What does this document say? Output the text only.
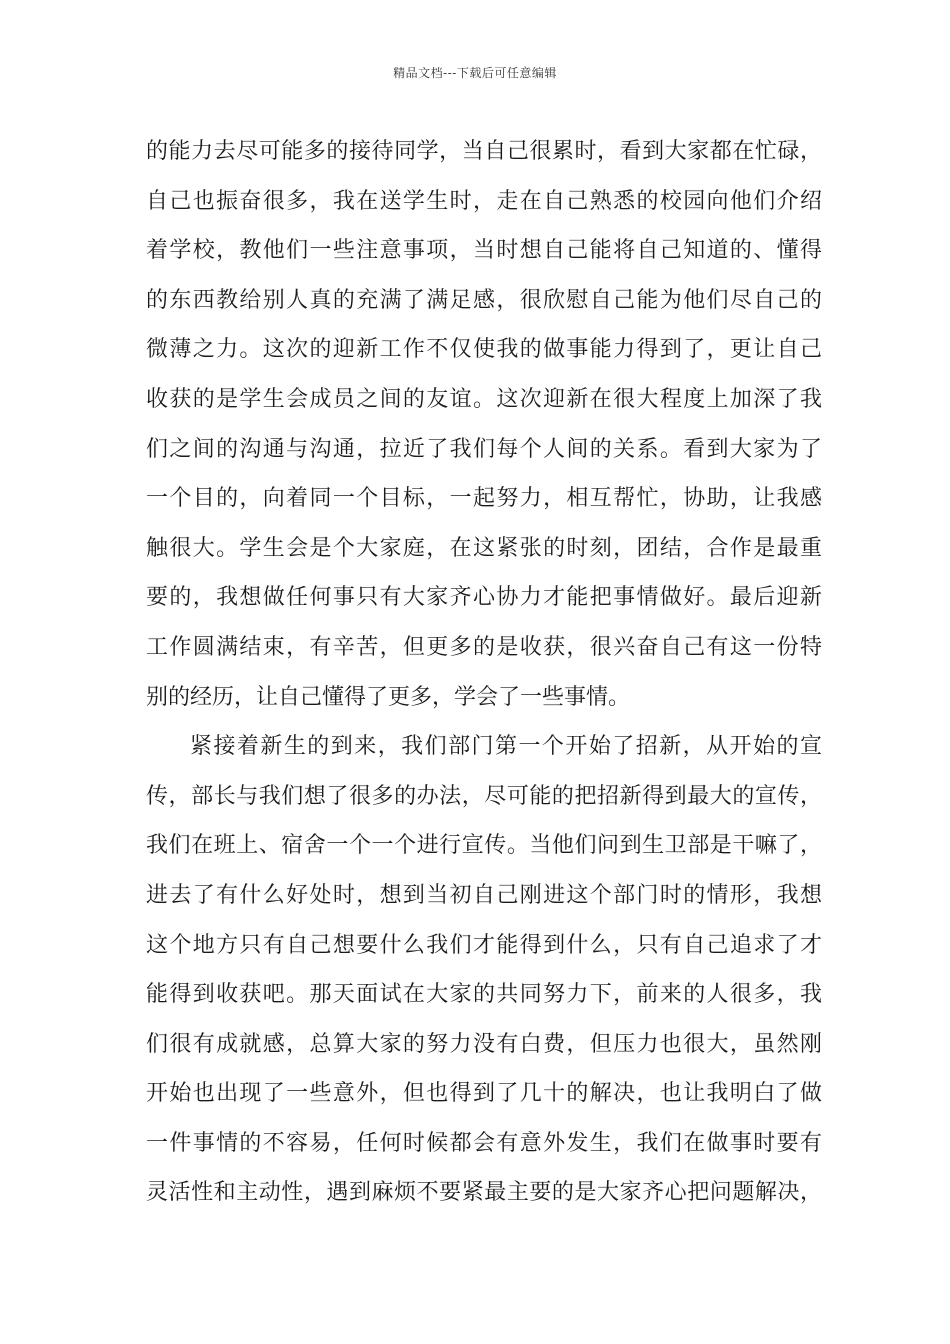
精品文档---下载后可任意编辑
的能力去尽可能多的接待同学，当自己很累时，看到大家都在忙碌，
自己也振奋很多，我在送学生时，走在自己熟悉的校园向他们介绍
着学校，教他们一些注意事项，当时想自己能将自己知道的、懂得
的东西教给别人真的充满了满足感，很欣慰自己能为他们尽自己的
微薄之力。这次的迎新工作不仅使我的做事能力得到了，更让自己
收获的是学生会成员之间的友谊。这次迎新在很大程度上加深了我
们之间的沟通与沟通，拉近了我们每个人间的关系。看到大家为了
一个目的，向着同一个目标，一起努力，相互帮忙，协助，让我感
触很大。学生会是个大家庭，在这紧张的时刻，团结，合作是最重
要的，我想做任何事只有大家齐心协力才能把事情做好。最后迎新
工作圆满结束，有辛苦，但更多的是收获，很兴奋自己有这一份特
别的经历，让自己懂得了更多，学会了一些事情。
紧接着新生的到来，我们部门第一个开始了招新，从开始的宣
传，部长与我们想了很多的办法，尽可能的把招新得到最大的宣传，
我们在班上、宿舍一个一个进行宣传。当他们问到生卫部是干嘛了，
进去了有什么好处时，想到当初自己刚进这个部门时的情形，我想
这个地方只有自己想要什么我们才能得到什么，只有自己追求了才
能得到收获吧。那天面试在大家的共同努力下，前来的人很多，我
们很有成就感，总算大家的努力没有白费，但压力也很大，虽然刚
开始也出现了一些意外，但也得到了几十的解决，也让我明白了做
一件事情的不容易，任何时候都会有意外发生，我们在做事时要有
灵活性和主动性，遇到麻烦不要紧最主要的是大家齐心把问题解决，
